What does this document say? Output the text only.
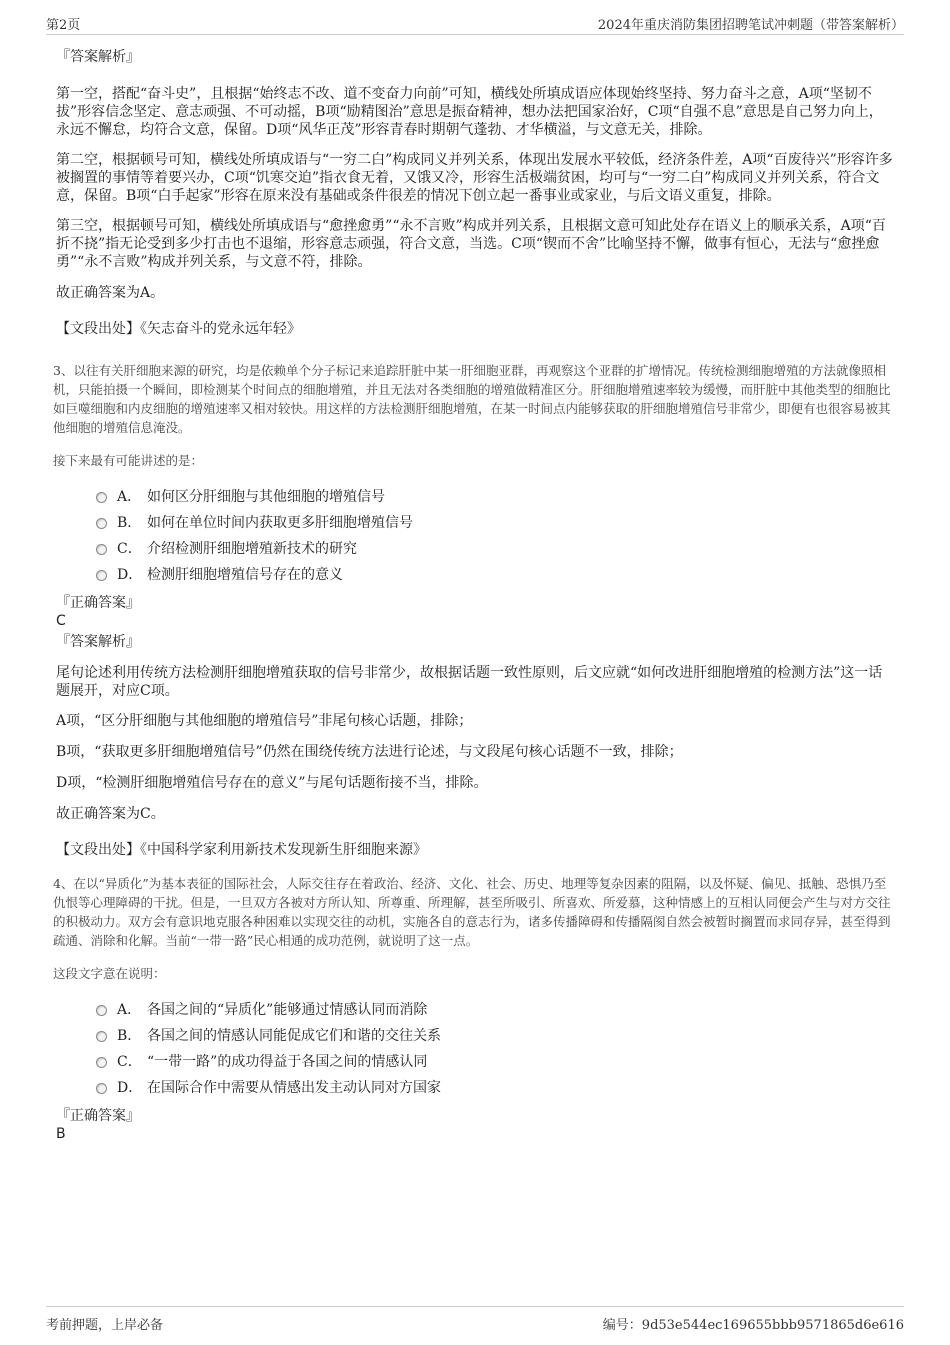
第2页	2024年重庆消防集团招聘笔试冲刺题（带答案解析）

『答案解析』

第一空，搭配“奋斗史”，且根据“始终志不改、道不变奋力向前”可知，横线处所填成语应体现始终坚持、努力奋斗之意，A项“坚韧不拔”形容信念坚定、意志顽强、不可动摇，B项“励精图治”意思是振奋精神，想办法把国家治好，C项“自强不息”意思是自己努力向上，永远不懈怠，均符合文意，保留。D项“风华正茂”形容青春时期朝气蓬勃、才华横溢，与文意无关，排除。

第二空，根据顿号可知，横线处所填成语与“一穷二白”构成同义并列关系，体现出发展水平较低，经济条件差，A项“百废待兴”形容许多被搁置的事情等着要兴办，C项“饥寒交迫”指衣食无着，又饿又冷，形容生活极端贫困，均可与“一穷二白”构成同义并列关系，符合文意，保留。B项“白手起家”形容在原来没有基础或条件很差的情况下创立起一番事业或家业，与后文语义重复，排除。

第三空，根据顿号可知，横线处所填成语与“愈挫愈勇”“永不言败”构成并列关系，且根据文意可知此处存在语义上的顺承关系，A项“百折不挠”指无论受到多少打击也不退缩，形容意志顽强，符合文意，当选。C项“锲而不舍”比喻坚持不懈，做事有恒心，无法与“愈挫愈勇”“永不言败”构成并列关系，与文意不符，排除。

故正确答案为A。

【文段出处】《矢志奋斗的党永远年轻》

3、以往有关肝细胞来源的研究，均是依赖单个分子标记来追踪肝脏中某一肝细胞亚群，再观察这个亚群的扩增情况。传统检测细胞增殖的方法就像照相机，只能拍摄一个瞬间，即检测某个时间点的细胞增殖，并且无法对各类细胞的增殖做精准区分。肝细胞增殖速率较为缓慢，而肝脏中其他类型的细胞比如巨噬细胞和内皮细胞的增殖速率又相对较快。用这样的方法检测肝细胞增殖，在某一时间点内能够获取的肝细胞增殖信号非常少，即便有也很容易被其他细胞的增殖信息淹没。

接下来最有可能讲述的是：

A． 如何区分肝细胞与其他细胞的增殖信号
B． 如何在单位时间内获取更多肝细胞增殖信号
C． 介绍检测肝细胞增殖新技术的研究
D． 检测肝细胞增殖信号存在的意义

『正确答案』

C

『答案解析』

尾句论述利用传统方法检测肝细胞增殖获取的信号非常少，故根据话题一致性原则，后文应就“如何改进肝细胞增殖的检测方法”这一话题展开，对应C项。

A项，“区分肝细胞与其他细胞的增殖信号”非尾句核心话题，排除；

B项，“获取更多肝细胞增殖信号”仍然在围绕传统方法进行论述，与文段尾句核心话题不一致，排除；

D项，“检测肝细胞增殖信号存在的意义”与尾句话题衔接不当，排除。

故正确答案为C。

【文段出处】《中国科学家利用新技术发现新生肝细胞来源》

4、在以“异质化”为基本表征的国际社会，人际交往存在着政治、经济、文化、社会、历史、地理等复杂因素的阻隔，以及怀疑、偏见、抵触、恐惧乃至仇恨等心理障碍的干扰。但是，一旦双方各被对方所认知、所尊重、所理解，甚至所吸引、所喜欢、所爱慕，这种情感上的互相认同便会产生与对方交往的积极动力。双方会有意识地克服各种困难以实现交往的动机，实施各自的意志行为，诸多传播障碍和传播隔阂自然会被暂时搁置而求同存异，甚至得到疏通、消除和化解。当前“一带一路”民心相通的成功范例，就说明了这一点。

这段文字意在说明：

A． 各国之间的“异质化”能够通过情感认同而消除
B． 各国之间的情感认同能促成它们和谐的交往关系
C． “一带一路”的成功得益于各国之间的情感认同
D． 在国际合作中需要从情感出发主动认同对方国家

『正确答案』

B

考前押题，上岸必备	编号：9d53e544ec169655bbb9571865d6e616
